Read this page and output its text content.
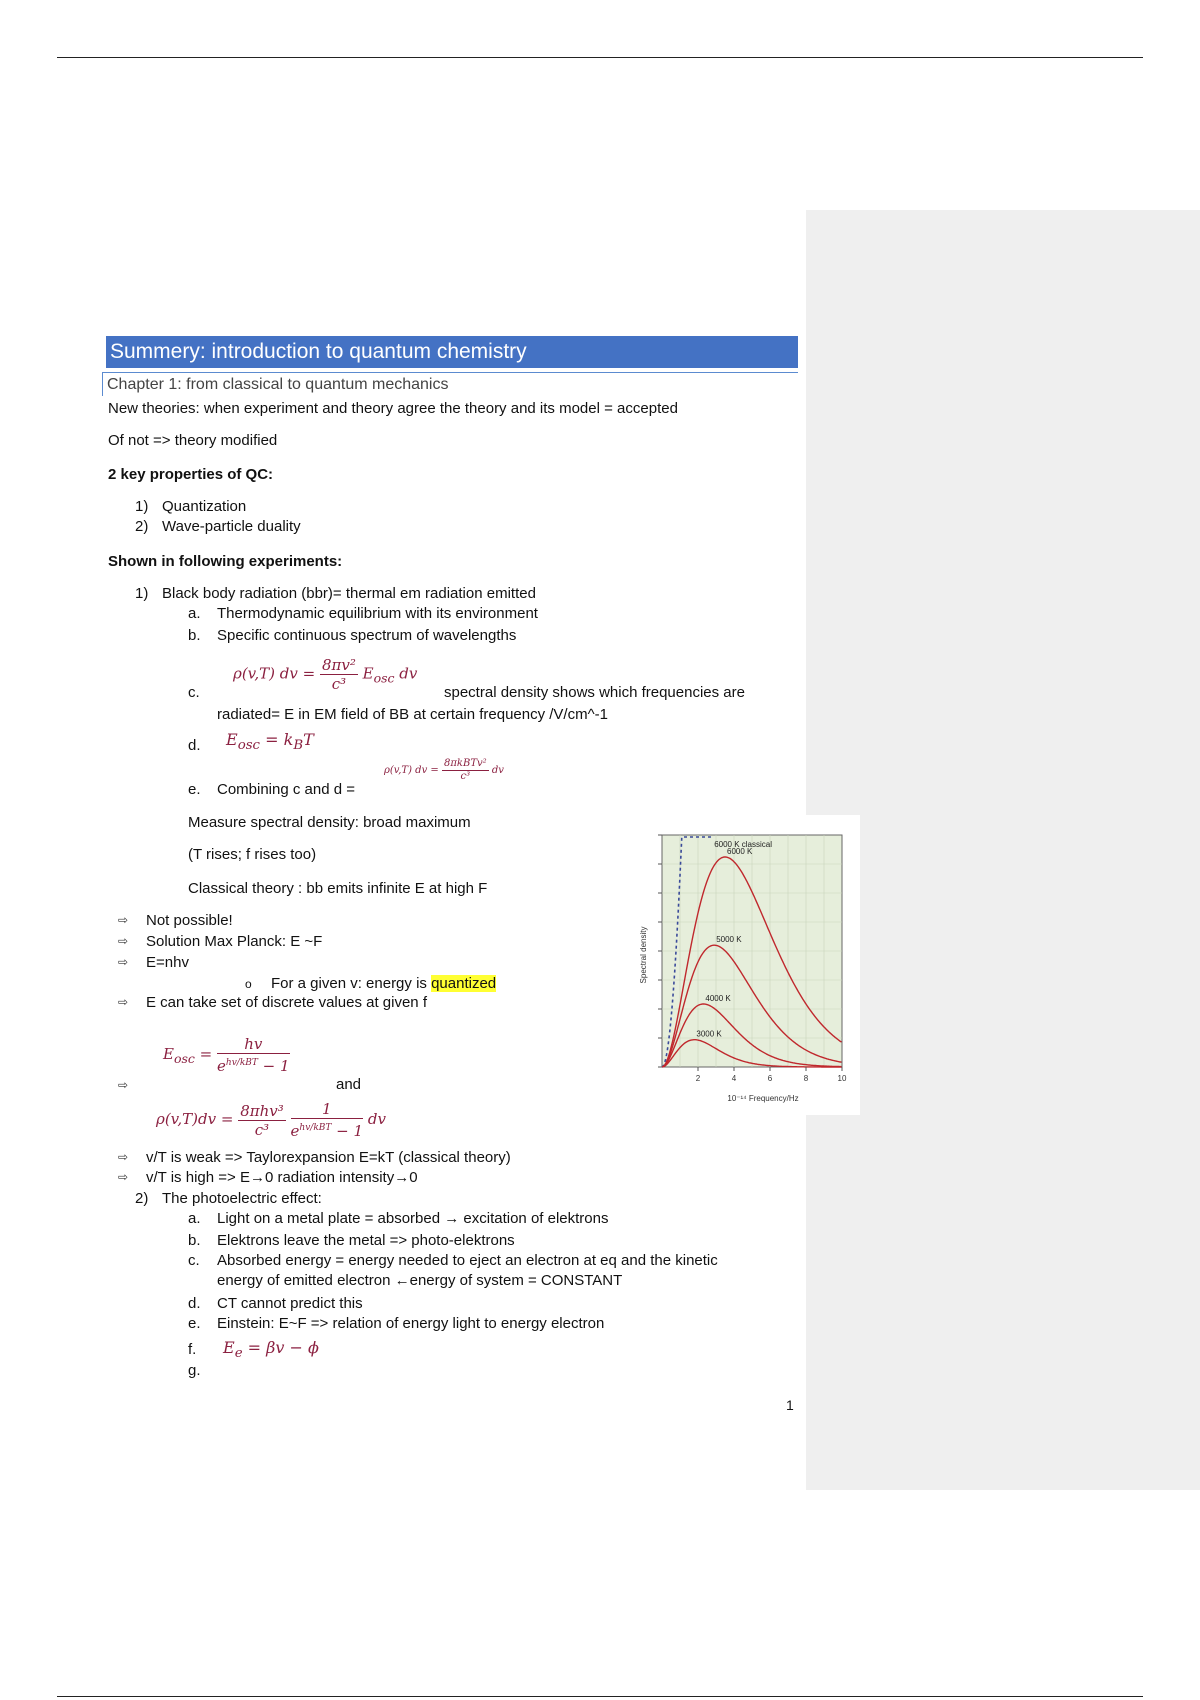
Summery: introduction to quantum chemistry
Chapter 1: from classical to quantum mechanics
New theories: when experiment and theory agree the theory and its model = accepted
Of not => theory modified
2 key properties of QC:
1) Quantization
2) Wave-particle duality
Shown in following experiments:
1) Black body radiation (bbr)= thermal em radiation emitted
a. Thermodynamic equilibrium with its environment
b. Specific continuous spectrum of wavelengths
ρ(v,T) dv = $\frac{\text{8πv²}}{\text{c³}} E_{osc}$ dv
c.	spectral density shows which frequencies are
radiated= E in EM field of BB at certain frequency /V/cm^-1
d. $E_{osc} = k_BT$
e. Combining c and d =
ρ(v,T) dv = $\frac{\text{8πkBTv²}}{\text{c³}}$ dv
Measure spectral density: broad maximum
(T rises; f rises too)
Classical theory : bb emits infinite E at high F
⇨ Not possible!
⇨ Solution Max Planck: E ~F
⇨ E=nhv
o For a given v: energy is quantized
⇨ E can take set of discrete values at given f
$E_{osc} = \frac{hv}{e^{hv/kBT} - 1}$
⇨	and
$\rho(v,T)dv = \frac{\text{8πhv³}}{\text{c³}}$
$\frac{1}{e^{hv/kBT} - 1}$ dv
⇨ v/T is weak => Taylorexpansion E=kT (classical theory)
⇨ v/T is high => E→0 radiation intensity→0
2) The photoelectric effect:
a. Light on a metal plate = absorbed → excitation of elektrons
b. Elektrons leave the metal => photo-elektrons
c. Absorbed energy = energy needed to eject an electron at eq and the kinetic
energy of emitted electron ←energy of system = CONSTANT
d. CT cannot predict this
e. Einstein: E~F => relation of energy light to energy electron
f. $E_e = \beta v - \phi$
g.
1
2	4	6	8	10
6000 K classical
6000 K
5000 K
4000 K
3000 K
Spectral density
10⁻¹⁴ Frequency/Hz
